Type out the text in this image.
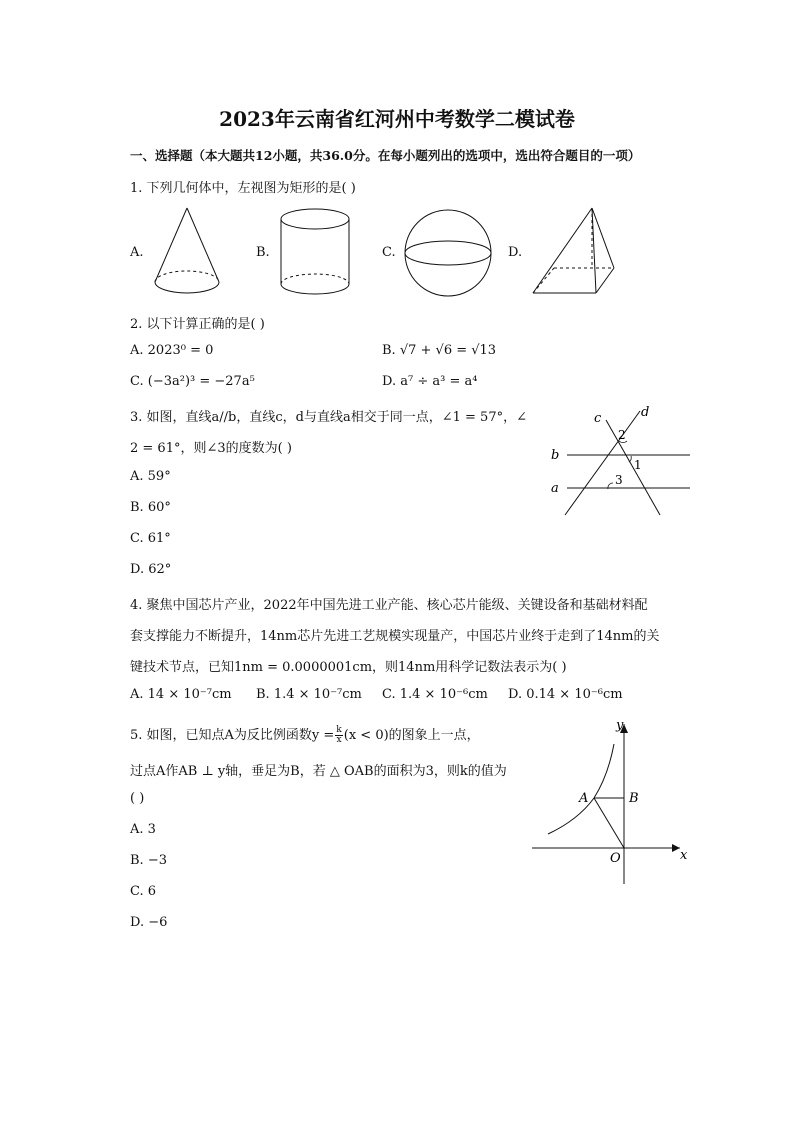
2023年云南省红河州中考数学二模试卷
一、选择题（本大题共12小题，共36.0分。在每小题列出的选项中，选出符合题目的一项）
1. 下列几何体中，左视图为矩形的是( )
A.	B.	C.	D.
2. 以下计算正确的是( )
A. 2023⁰ = 0	B. √7 + √6 = √13
C. (−3a²)³ = −27a⁵	D. a⁷ ÷ a³ = a⁴
3. 如图，直线a//b，直线c，d与直线a相交于同一点，∠1 = 57°，∠
2 = 61°，则∠3的度数为( )
A. 59°
B. 60°
C. 61°
D. 62°
c	d
b
a
2
1
3
4. 聚焦中国芯片产业，2022年中国先进工业产能、核心芯片能级、关键设备和基础材料配
套支撑能力不断提升，14nm芯片先进工艺规模实现量产，中国芯片业终于走到了14nm的关
键技术节点，已知1nm = 0.0000001cm，则14nm用科学记数法表示为( )
A. 14 × 10⁻⁷cm B. 1.4 × 10⁻⁷cm C. 1.4 × 10⁻⁶cm D. 0.14 × 10⁻⁶cm
5. 如图，已知点A为反比例函数$y = \frac{k}{x} (x < 0)$的图象上一点，
过点A作AB ⊥ y轴，垂足为B，若 △ OAB的面积为3，则k的值为
( )
A. 3
B. −3
C. 6
D. −6
y
x
A	B
O
